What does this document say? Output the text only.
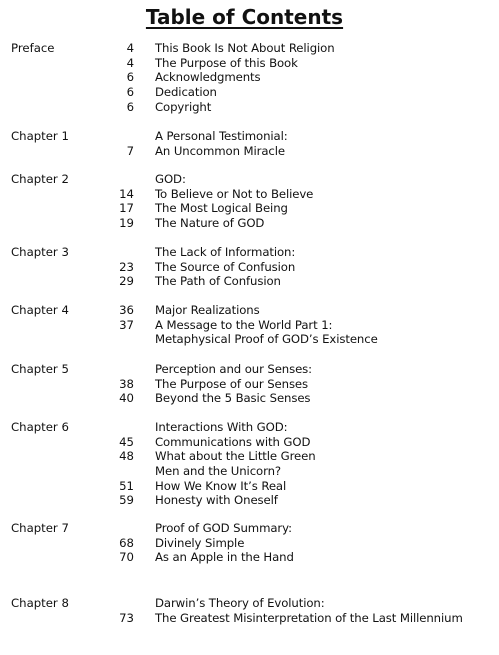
Table of Contents
Preface	4 This Book Is Not About Religion
4 The Purpose of this Book
6 Acknowledgments
6 Dedication
6 Copyright
Chapter 1	A Personal Testimonial:
7 An Uncommon Miracle
Chapter 2	GOD:
14 To Believe or Not to Believe
17 The Most Logical Being
19 The Nature of GOD
Chapter 3	The Lack of Information:
23 The Source of Confusion
29 The Path of Confusion
Chapter 4	36 Major Realizations
37 A Message to the World Part 1:
Metaphysical Proof of GOD’s Existence
Chapter 5	Perception and our Senses:
38 The Purpose of our Senses
40 Beyond the 5 Basic Senses
Chapter 6	Interactions With GOD:
45 Communications with GOD
48 What about the Little Green
Men and the Unicorn?
51 How We Know It’s Real
59 Honesty with Oneself
Chapter 7	Proof of GOD Summary:
68 Divinely Simple
70 As an Apple in the Hand
Chapter 8	Darwin’s Theory of Evolution:
73 The Greatest Misinterpretation of the Last Millennium
